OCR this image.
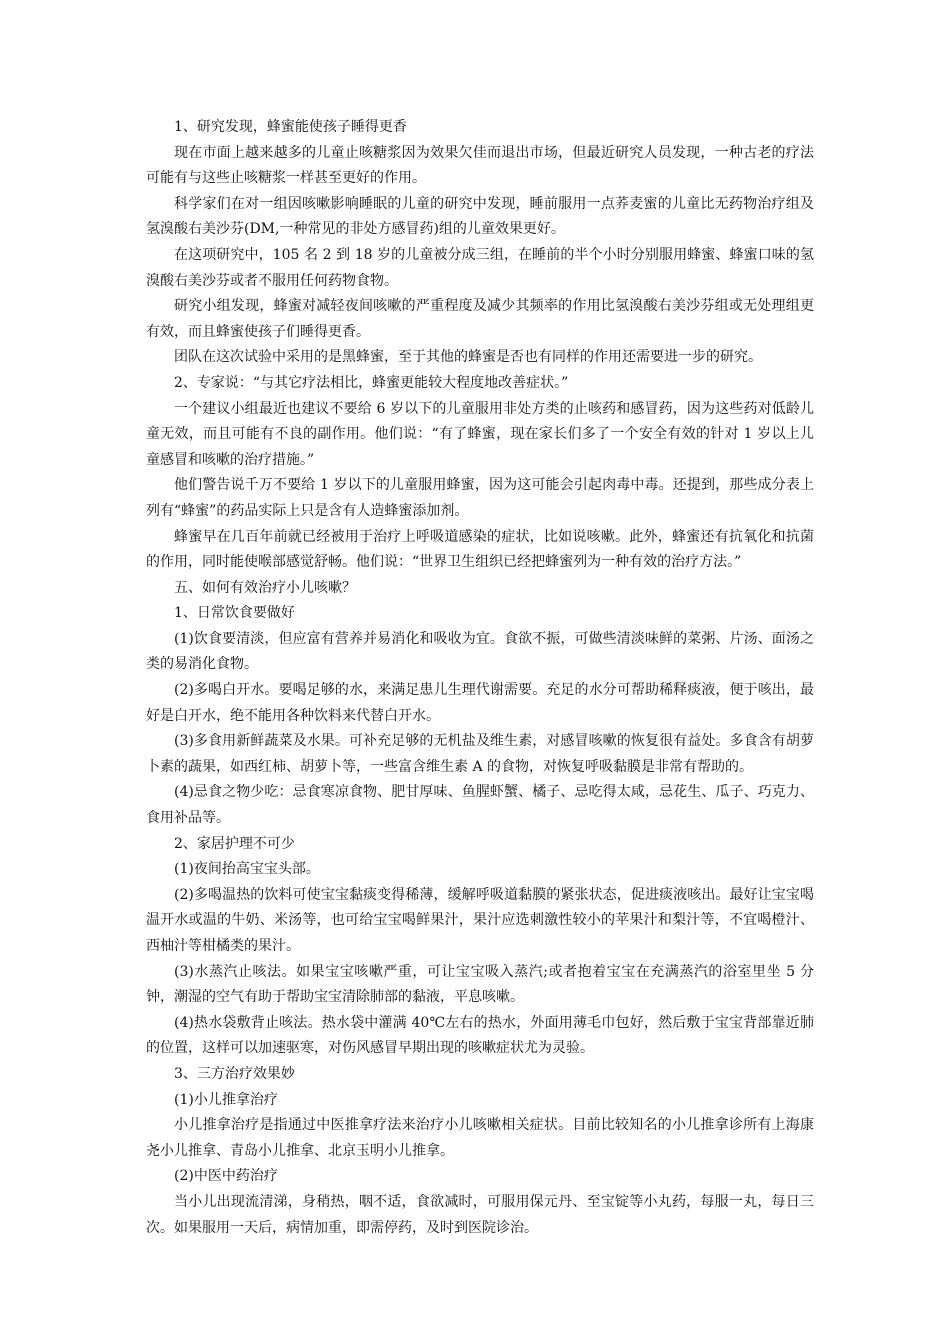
1、研究发现，蜂蜜能使孩子睡得更香

现在市面上越来越多的儿童止咳糖浆因为效果欠佳而退出市场，但最近研究人员发现，一种古老的疗法可能有与这些止咳糖浆一样甚至更好的作用。

科学家们在对一组因咳嗽影响睡眠的儿童的研究中发现，睡前服用一点荞麦蜜的儿童比无药物治疗组及氢溴酸右美沙芬(DM,一种常见的非处方感冒药)组的儿童效果更好。

在这项研究中，105 名 2 到 18 岁的儿童被分成三组，在睡前的半个小时分别服用蜂蜜、蜂蜜口味的氢溴酸右美沙芬或者不服用任何药物食物。

研究小组发现，蜂蜜对减轻夜间咳嗽的严重程度及减少其频率的作用比氢溴酸右美沙芬组或无处理组更有效，而且蜂蜜使孩子们睡得更香。

团队在这次试验中采用的是黑蜂蜜，至于其他的蜂蜜是否也有同样的作用还需要进一步的研究。

2、专家说：“与其它疗法相比，蜂蜜更能较大程度地改善症状。”

一个建议小组最近也建议不要给 6 岁以下的儿童服用非处方类的止咳药和感冒药，因为这些药对低龄儿童无效，而且可能有不良的副作用。他们说：“有了蜂蜜，现在家长们多了一个安全有效的针对 1 岁以上儿童感冒和咳嗽的治疗措施。”

他们警告说千万不要给 1 岁以下的儿童服用蜂蜜，因为这可能会引起肉毒中毒。还提到，那些成分表上列有“蜂蜜”的药品实际上只是含有人造蜂蜜添加剂。

蜂蜜早在几百年前就已经被用于治疗上呼吸道感染的症状，比如说咳嗽。此外，蜂蜜还有抗氧化和抗菌的作用，同时能使喉部感觉舒畅。他们说：“世界卫生组织已经把蜂蜜列为一种有效的治疗方法。”

五、如何有效治疗小儿咳嗽？

1、日常饮食要做好

(1)饮食要清淡，但应富有营养并易消化和吸收为宜。食欲不振，可做些清淡味鲜的菜粥、片汤、面汤之类的易消化食物。

(2)多喝白开水。要喝足够的水，来满足患儿生理代谢需要。充足的水分可帮助稀释痰液，便于咳出，最好是白开水，绝不能用各种饮料来代替白开水。

(3)多食用新鲜蔬菜及水果。可补充足够的无机盐及维生素，对感冒咳嗽的恢复很有益处。多食含有胡萝卜素的蔬果，如西红柿、胡萝卜等，一些富含维生素 A 的食物，对恢复呼吸黏膜是非常有帮助的。

(4)忌食之物少吃：忌食寒凉食物、肥甘厚味、鱼腥虾蟹、橘子、忌吃得太咸，忌花生、瓜子、巧克力、食用补品等。

2、家居护理不可少

(1)夜间抬高宝宝头部。

(2)多喝温热的饮料可使宝宝黏痰变得稀薄，缓解呼吸道黏膜的紧张状态，促进痰液咳出。最好让宝宝喝温开水或温的牛奶、米汤等，也可给宝宝喝鲜果汁，果汁应选刺激性较小的苹果汁和梨汁等，不宜喝橙汁、西柚汁等柑橘类的果汁。

(3)水蒸汽止咳法。如果宝宝咳嗽严重，可让宝宝吸入蒸汽;或者抱着宝宝在充满蒸汽的浴室里坐 5 分钟，潮湿的空气有助于帮助宝宝清除肺部的黏液，平息咳嗽。

(4)热水袋敷背止咳法。热水袋中灌满 40℃左右的热水，外面用薄毛巾包好，然后敷于宝宝背部靠近肺的位置，这样可以加速驱寒，对伤风感冒早期出现的咳嗽症状尤为灵验。

3、三方治疗效果妙

(1)小儿推拿治疗

小儿推拿治疗是指通过中医推拿疗法来治疗小儿咳嗽相关症状。目前比较知名的小儿推拿诊所有上海康尧小儿推拿、青岛小儿推拿、北京玉明小儿推拿。

(2)中医中药治疗

当小儿出现流清涕，身稍热，咽不适，食欲减时，可服用保元丹、至宝锭等小丸药，每服一丸，每日三次。如果服用一天后，病情加重，即需停药，及时到医院诊治。
